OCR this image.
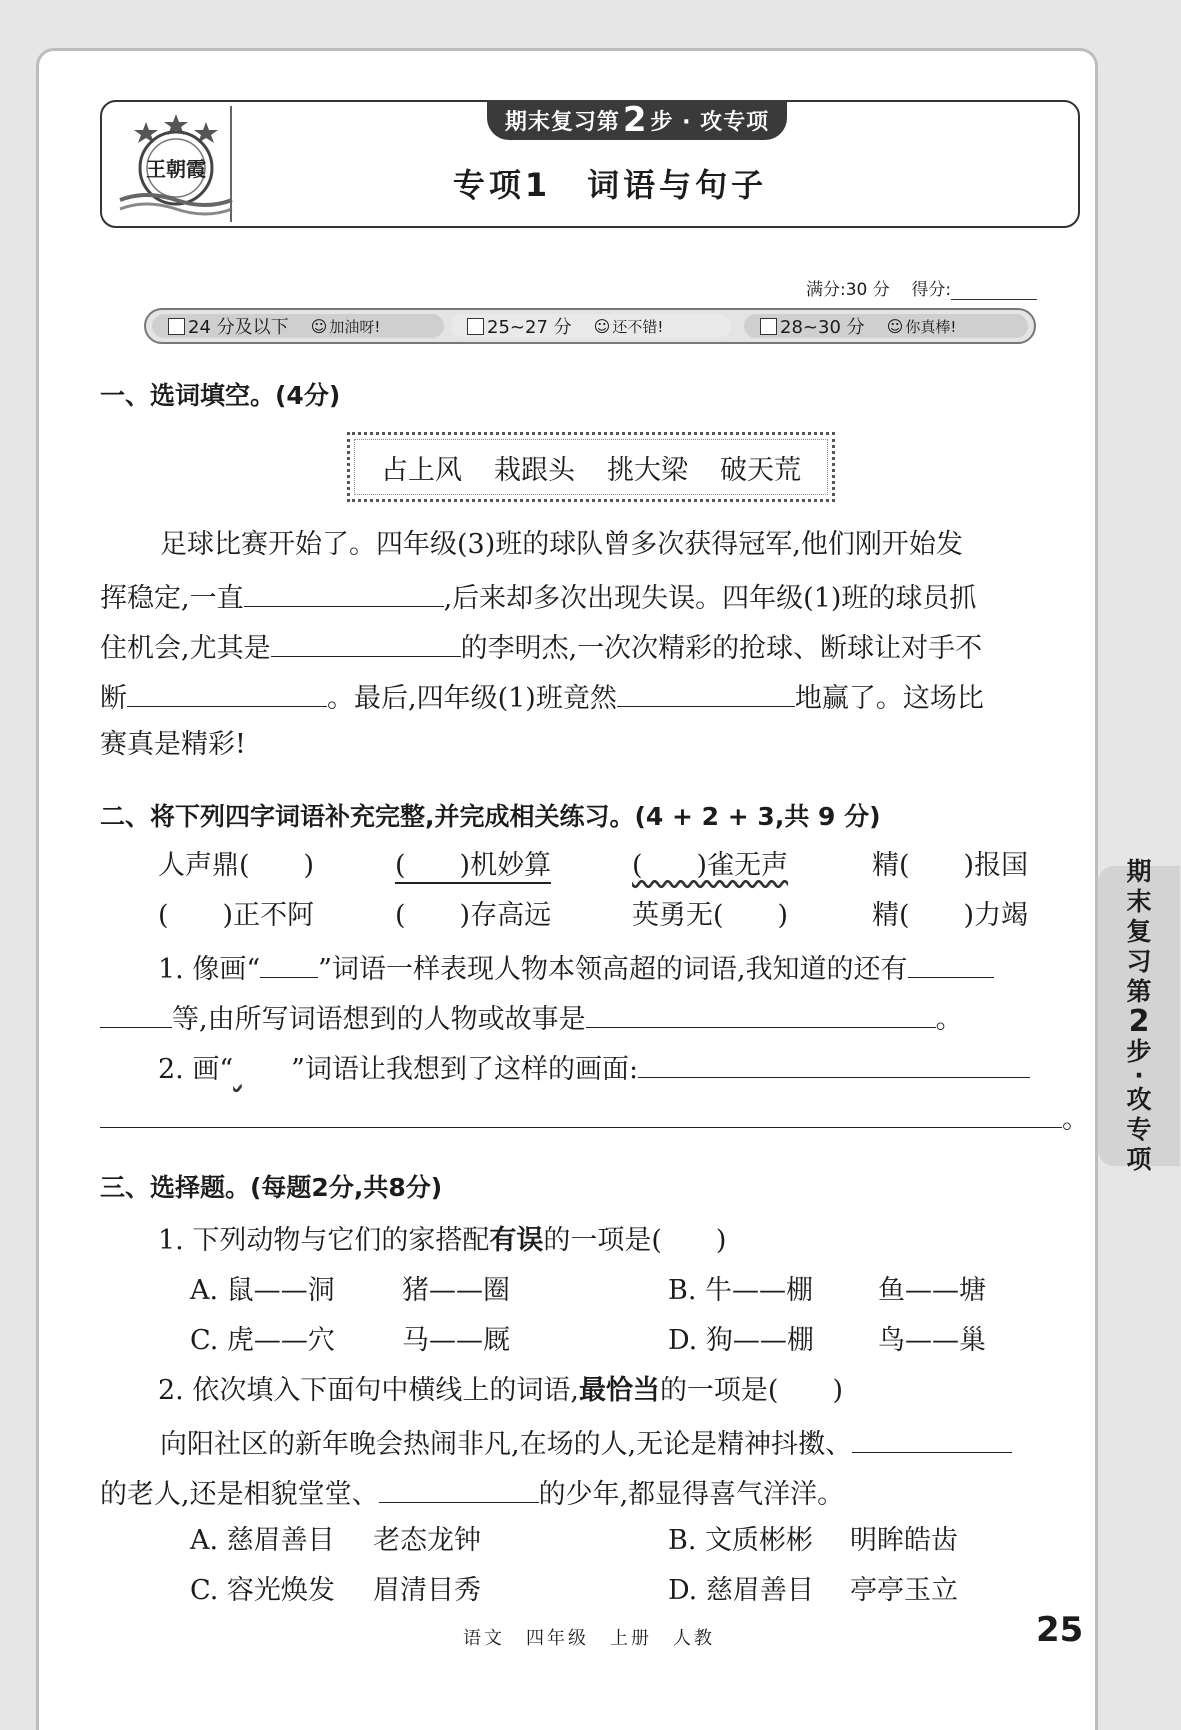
王朝霞
期末复习第 2 步 · 攻专项
专项1　词语与句子
满分:30 分 得分:
24 分及以下 ☺ 加油呀!	25~27 分 ☺ 还不错!	28~30 分 ☺ 你真棒!
一、选词填空。(4分)
占上风 栽跟头 挑大梁 破天荒
足球比赛开始了。四年级(3)班的球队曾多次获得冠军,他们刚开始发
挥稳定,一直	,后来却多次出现失误。四年级(1)班的球员抓
住机会,尤其是	的李明杰,一次次精彩的抢球、断球让对手不
断	。最后,四年级(1)班竟然	地赢了。这场比
赛真是精彩!
二、将下列四字词语补充完整,并完成相关练习。(4 + 2 + 3,共 9 分)
人声鼎(　　)	(　　)机妙算	(　　)雀无声	精(　　)报国
(　　)正不阿	(　　)存高远	英勇无(　　)	精(　　)力竭
1. 像画“ ”词语一样表现人物本领高超的词语,我知道的还有
等,由所写词语想到的人物或故事是	。
2. 画“ ”词语让我想到了这样的画面:
。
三、选择题。(每题2分,共8分)
1. 下列动物与它们的家搭配有误的一项是(　　)
A. 鼠——洞 猪——圈	B. 牛——棚 鱼——塘
C. 虎——穴 马——厩	D. 狗——棚 鸟——巢
2. 依次填入下面句中横线上的词语,最恰当的一项是(　　)
向阳社区的新年晚会热闹非凡,在场的人,无论是精神抖擞、
的老人,还是相貌堂堂、	的少年,都显得喜气洋洋。
A. 慈眉善目 老态龙钟	B. 文质彬彬 明眸皓齿
C. 容光焕发 眉清目秀	D. 慈眉善目 亭亭玉立
期
末
复
习
第
2
步
·
攻
专
项
语文　四年级　上册　人教	25
